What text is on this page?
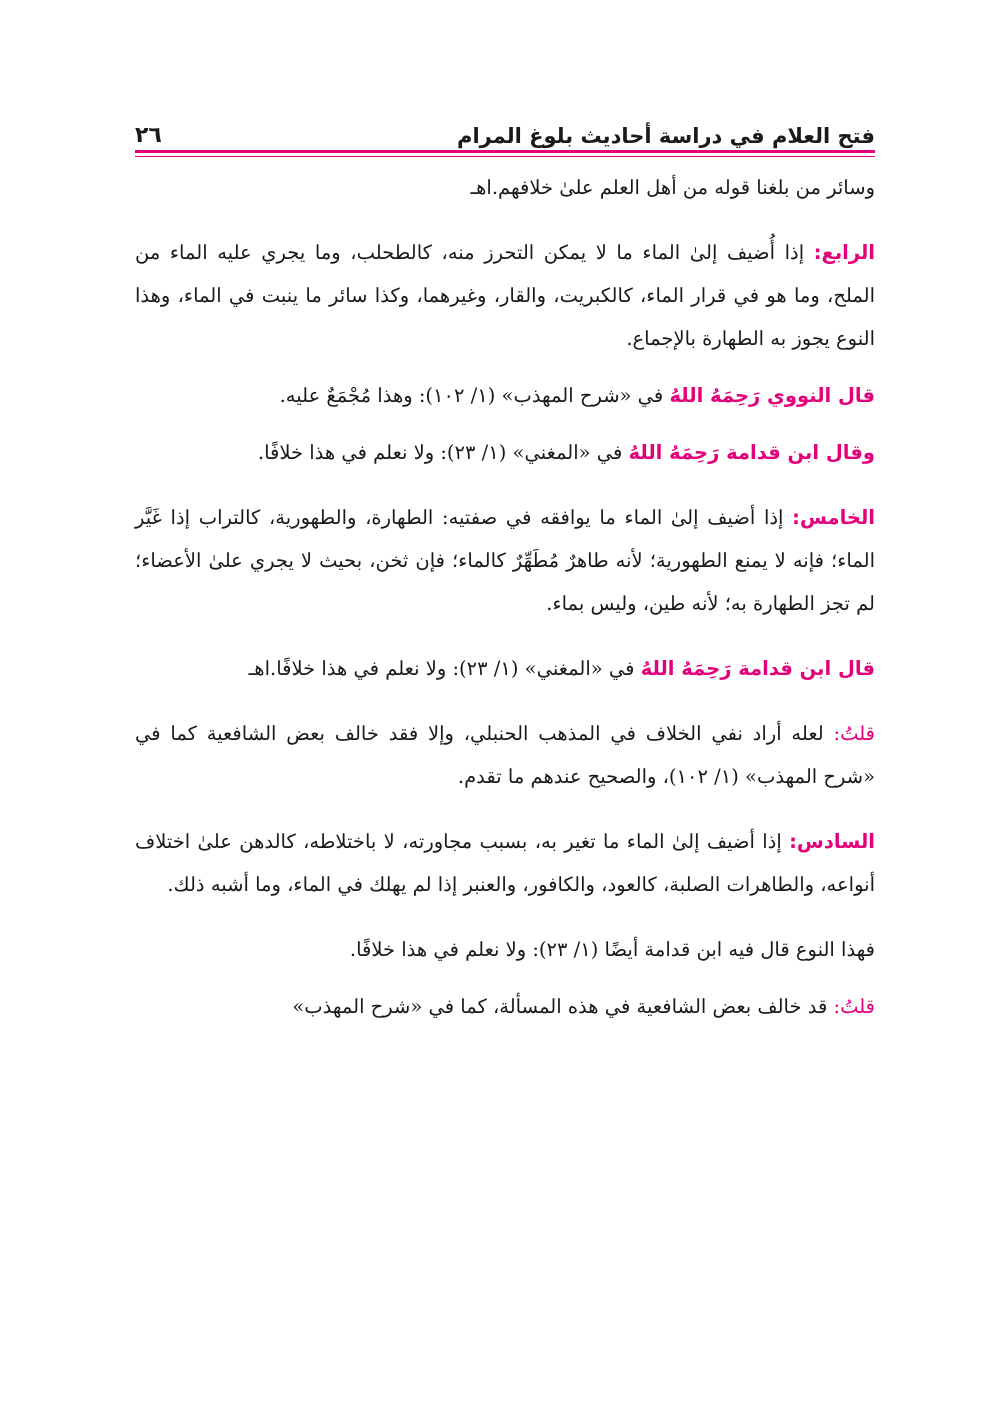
٢٦	فتح العلام في دراسة أحاديث بلوغ المرام

وسائر من بلغنا قوله من أهل العلم علىٰ خلافهم.اهـ

الرابع: إذا أُضيف إلىٰ الماء ما لا يمكن التحرز منه، كالطحلب، وما يجري عليه الماء من الملح، وما هو في قرار الماء، كالكبريت، والقار، وغيرهما، وكذا سائر ما ينبت في الماء، وهذا النوع يجوز به الطهارة بالإجماع.

قال النووي رَحِمَهُ اللهُ في «شرح المهذب» (١/ ١٠٢): وهذا مُجْمَعٌ عليه.

وقال ابن قدامة رَحِمَهُ اللهُ في «المغني» (١/ ٢٣): ولا نعلم في هذا خلافًا.

الخامس: إذا أضيف إلىٰ الماء ما يوافقه في صفتيه: الطهارة، والطهورية، كالتراب إذا غَيَّر الماء؛ فإنه لا يمنع الطهورية؛ لأنه طاهرٌ مُطَهِّرٌ كالماء؛ فإن ثخن، بحيث لا يجري علىٰ الأعضاء؛ لم تجز الطهارة به؛ لأنه طين، وليس بماء.

قال ابن قدامة رَحِمَهُ اللهُ في «المغني» (١/ ٢٣): ولا نعلم في هذا خلافًا.اهـ

قلتُ: لعله أراد نفي الخلاف في المذهب الحنبلي، وإلا فقد خالف بعض الشافعية كما في «شرح المهذب» (١/ ١٠٢)، والصحيح عندهم ما تقدم.

السادس: إذا أضيف إلىٰ الماء ما تغير به، بسبب مجاورته، لا باختلاطه، كالدهن علىٰ اختلاف أنواعه، والطاهرات الصلبة، كالعود، والكافور، والعنبر إذا لم يهلك في الماء، وما أشبه ذلك.

فهذا النوع قال فيه ابن قدامة أيضًا (١/ ٢٣): ولا نعلم في هذا خلافًا.

قلتُ: قد خالف بعض الشافعية في هذه المسألة، كما في «شرح المهذب»
